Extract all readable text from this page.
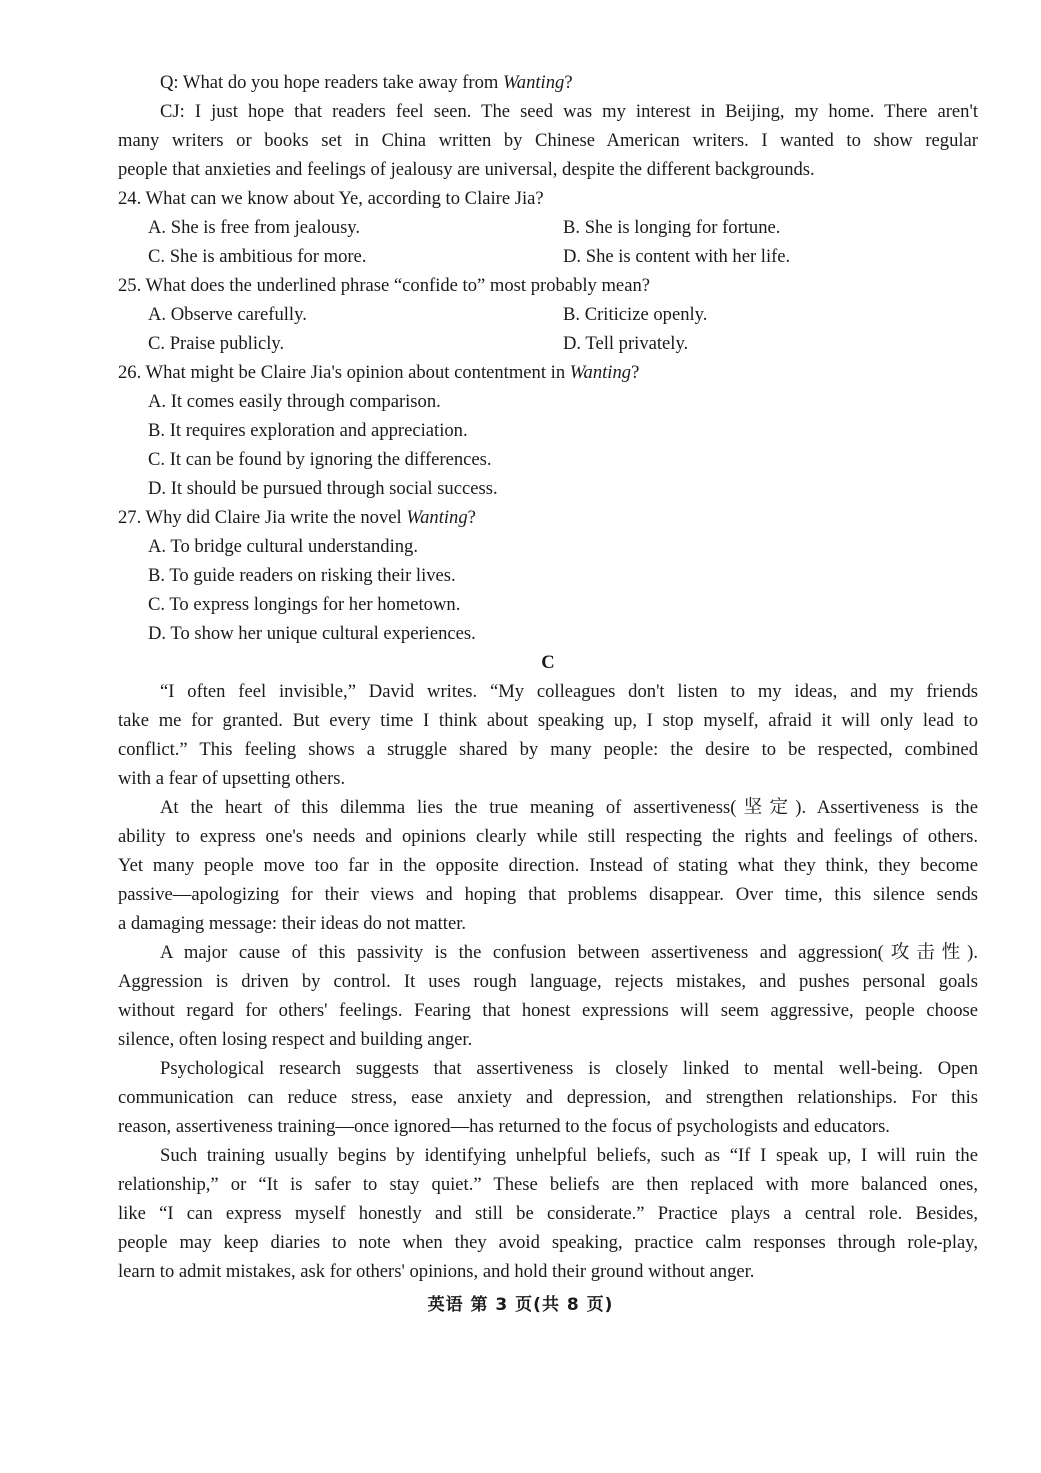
Q: What do you hope readers take away from Wanting?
CJ: I just hope that readers feel seen. The seed was my interest in Beijing, my home. There aren't
many writers or books set in China written by Chinese American writers. I wanted to show regular
people that anxieties and feelings of jealousy are universal, despite the different backgrounds.
24. What can we know about Ye, according to Claire Jia?
A. She is free from jealousy.	B. She is longing for fortune.
C. She is ambitious for more.	D. She is content with her life.
25. What does the underlined phrase “confide to” most probably mean?
A. Observe carefully.	B. Criticize openly.
C. Praise publicly.	D. Tell privately.
26. What might be Claire Jia's opinion about contentment in Wanting?
A. It comes easily through comparison.
B. It requires exploration and appreciation.
C. It can be found by ignoring the differences.
D. It should be pursued through social success.
27. Why did Claire Jia write the novel Wanting?
A. To bridge cultural understanding.
B. To guide readers on risking their lives.
C. To express longings for her hometown.
D. To show her unique cultural experiences.
C
“I often feel invisible,” David writes. “My colleagues don't listen to my ideas, and my friends
take me for granted. But every time I think about speaking up, I stop myself, afraid it will only lead to
conflict.” This feeling shows a struggle shared by many people: the desire to be respected, combined
with a fear of upsetting others.
At the heart of this dilemma lies the true meaning of assertiveness(坚定). Assertiveness is the
ability to express one's needs and opinions clearly while still respecting the rights and feelings of others.
Yet many people move too far in the opposite direction. Instead of stating what they think, they become
passive—apologizing for their views and hoping that problems disappear. Over time, this silence sends
a damaging message: their ideas do not matter.
A major cause of this passivity is the confusion between assertiveness and aggression(攻击性).
Aggression is driven by control. It uses rough language, rejects mistakes, and pushes personal goals
without regard for others' feelings. Fearing that honest expressions will seem aggressive, people choose
silence, often losing respect and building anger.
Psychological research suggests that assertiveness is closely linked to mental well-being. Open
communication can reduce stress, ease anxiety and depression, and strengthen relationships. For this
reason, assertiveness training—once ignored—has returned to the focus of psychologists and educators.
Such training usually begins by identifying unhelpful beliefs, such as “If I speak up, I will ruin the
relationship,” or “It is safer to stay quiet.” These beliefs are then replaced with more balanced ones,
like “I can express myself honestly and still be considerate.” Practice plays a central role. Besides,
people may keep diaries to note when they avoid speaking, practice calm responses through role-play,
learn to admit mistakes, ask for others' opinions, and hold their ground without anger.
英语 第 3 页(共 8 页)
